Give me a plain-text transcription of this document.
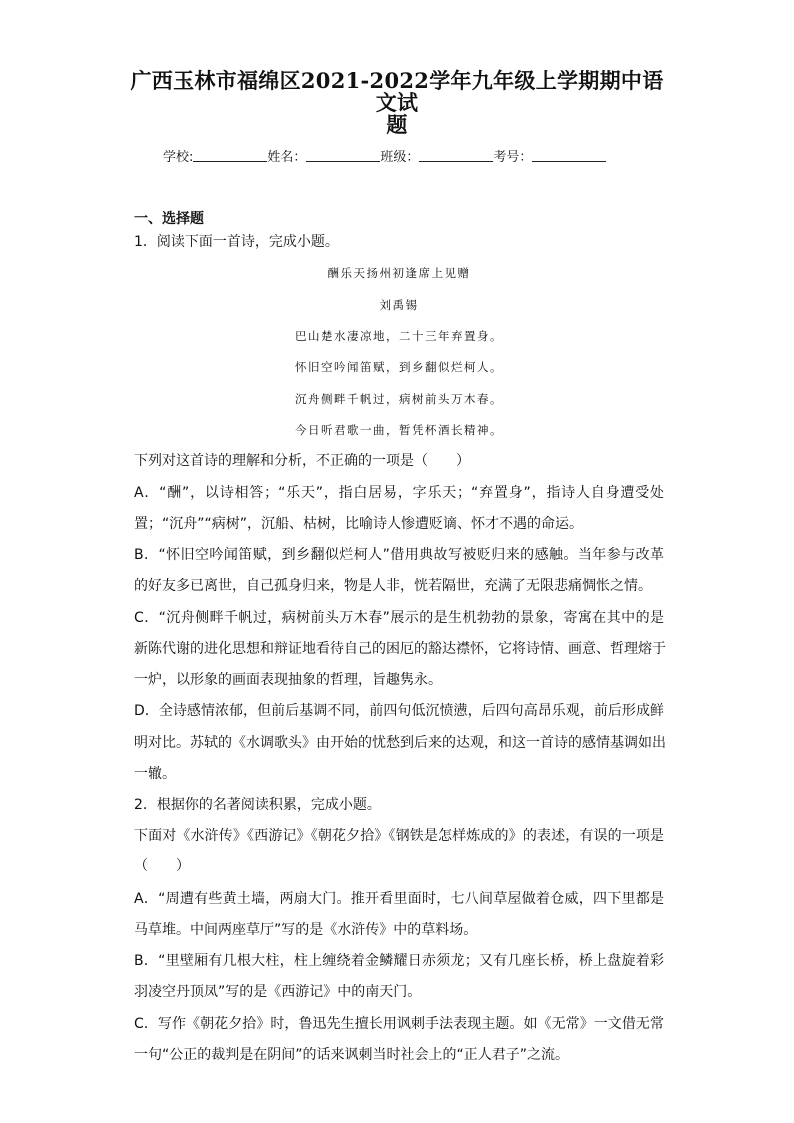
广西玉林市福绵区2021-2022学年九年级上学期期中语文试
题
学校:	姓名：	班级：	考号：
一、选择题
1．阅读下面一首诗，完成小题。
酬乐天扬州初逢席上见赠
刘禹锡
巴山楚水凄凉地，二十三年弃置身。
怀旧空吟闻笛赋，到乡翻似烂柯人。
沉舟侧畔千帆过，病树前头万木春。
今日听君歌一曲，暂凭杯酒长精神。
下列对这首诗的理解和分析，不正确的一项是（　　）
A．“酬”，以诗相答；“乐天”，指白居易，字乐天；“弃置身”，指诗人自身遭受处
置；“沉舟”“病树”，沉船、枯树，比喻诗人惨遭贬谪、怀才不遇的命运。
B．“怀旧空吟闻笛赋，到乡翻似烂柯人”借用典故写被贬归来的感触。当年参与改革
的好友多已离世，自己孤身归来，物是人非，恍若隔世，充满了无限悲痛惆怅之情。
C．“沉舟侧畔千帆过，病树前头万木春”展示的是生机勃勃的景象，寄寓在其中的是
新陈代谢的进化思想和辩证地看待自己的困厄的豁达襟怀，它将诗情、画意、哲理熔于
一炉，以形象的画面表现抽象的哲理，旨趣隽永。
D．全诗感情浓郁，但前后基调不同，前四句低沉愤懑，后四句高昂乐观，前后形成鲜
明对比。苏轼的《水调歌头》由开始的忧愁到后来的达观，和这一首诗的感情基调如出
一辙。
2．根据你的名著阅读积累，完成小题。
下面对《水浒传》《西游记》《朝花夕拾》《钢铁是怎样炼成的》的表述，有误的一项是
（　　）
A．“周遭有些黄土墙，两扇大门。推开看里面时，七八间草屋做着仓威，四下里都是
马草堆。中间两座草厅”写的是《水浒传》中的草料场。
B．“里壁厢有几根大柱，柱上缠绕着金鳞耀日赤须龙；又有几座长桥，桥上盘旋着彩
羽凌空丹顶凤”写的是《西游记》中的南天门。
C．写作《朝花夕拾》时，鲁迅先生擅长用讽刺手法表现主题。如《无常》一文借无常
一句“公正的裁判是在阴间”的话来讽刺当时社会上的“正人君子”之流。
